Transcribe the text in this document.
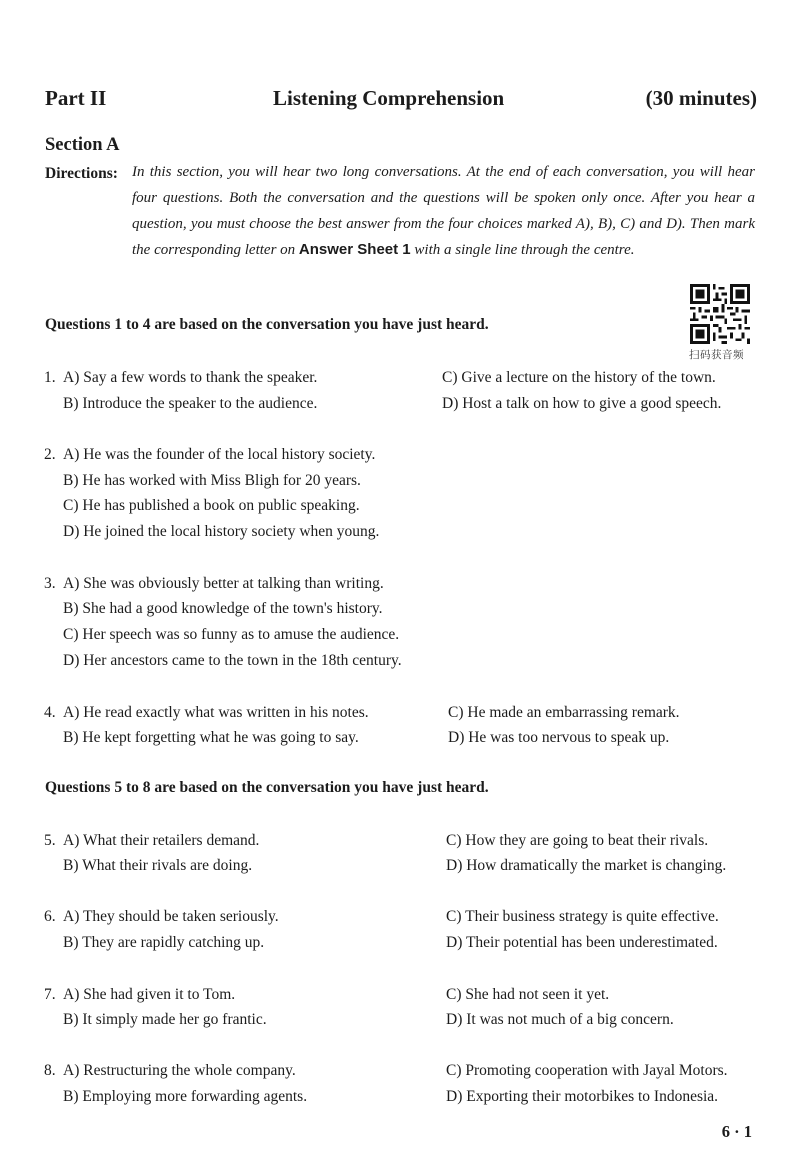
Part II	Listening Comprehension	(30 minutes)
Section A
Directions: In this section, you will hear two long conversations. At the end of each conversation, you will hear four questions. Both the conversation and the questions will be spoken only once. After you hear a question, you must choose the best answer from the four choices marked A), B), C) and D). Then mark the corresponding letter on Answer Sheet 1 with a single line through the centre.
扫码获音频
Questions 1 to 4 are based on the conversation you have just heard.
1. A) Say a few words to thank the speaker.
B) Introduce the speaker to the audience.
C) Give a lecture on the history of the town.
D) Host a talk on how to give a good speech.
2. A) He was the founder of the local history society.
B) He has worked with Miss Bligh for 20 years.
C) He has published a book on public speaking.
D) He joined the local history society when young.
3. A) She was obviously better at talking than writing.
B) She had a good knowledge of the town's history.
C) Her speech was so funny as to amuse the audience.
D) Her ancestors came to the town in the 18th century.
4. A) He read exactly what was written in his notes.
B) He kept forgetting what he was going to say.
C) He made an embarrassing remark.
D) He was too nervous to speak up.
Questions 5 to 8 are based on the conversation you have just heard.
5. A) What their retailers demand.
B) What their rivals are doing.
C) How they are going to beat their rivals.
D) How dramatically the market is changing.
6. A) They should be taken seriously.
B) They are rapidly catching up.
C) Their business strategy is quite effective.
D) Their potential has been underestimated.
7. A) She had given it to Tom.
B) It simply made her go frantic.
C) She had not seen it yet.
D) It was not much of a big concern.
8. A) Restructuring the whole company.
B) Employing more forwarding agents.
C) Promoting cooperation with Jayal Motors.
D) Exporting their motorbikes to Indonesia.
6 · 1
